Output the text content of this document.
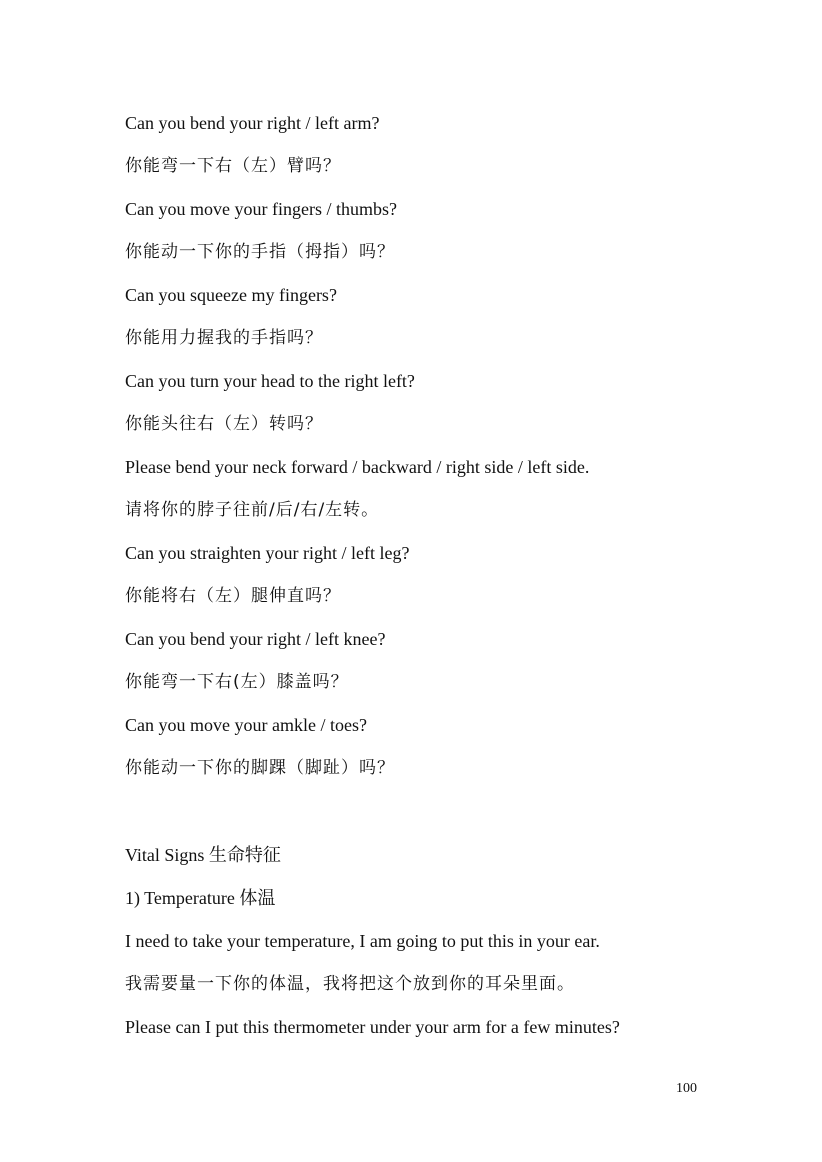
Can you bend your right / left arm?
你能弯一下右（左）臂吗？
Can you move your fingers / thumbs?
你能动一下你的手指（拇指）吗？
Can you squeeze my fingers?
你能用力握我的手指吗？
Can you turn your head to the right left?
你能头往右（左）转吗？
Please bend your neck forward / backward / right side / left side.
请将你的脖子往前/后/右/左转。
Can you straighten your right / left leg?
你能将右（左）腿伸直吗？
Can you bend your right / left knee?
你能弯一下右(左）膝盖吗？
Can you move your amkle / toes?
你能动一下你的脚踝（脚趾）吗？
Vital Signs 生命特征
1) Temperature 体温
I need to take your temperature, I am going to put this in your ear.
我需要量一下你的体温，我将把这个放到你的耳朵里面。
Please can I put this thermometer under your arm for a few minutes?
100
